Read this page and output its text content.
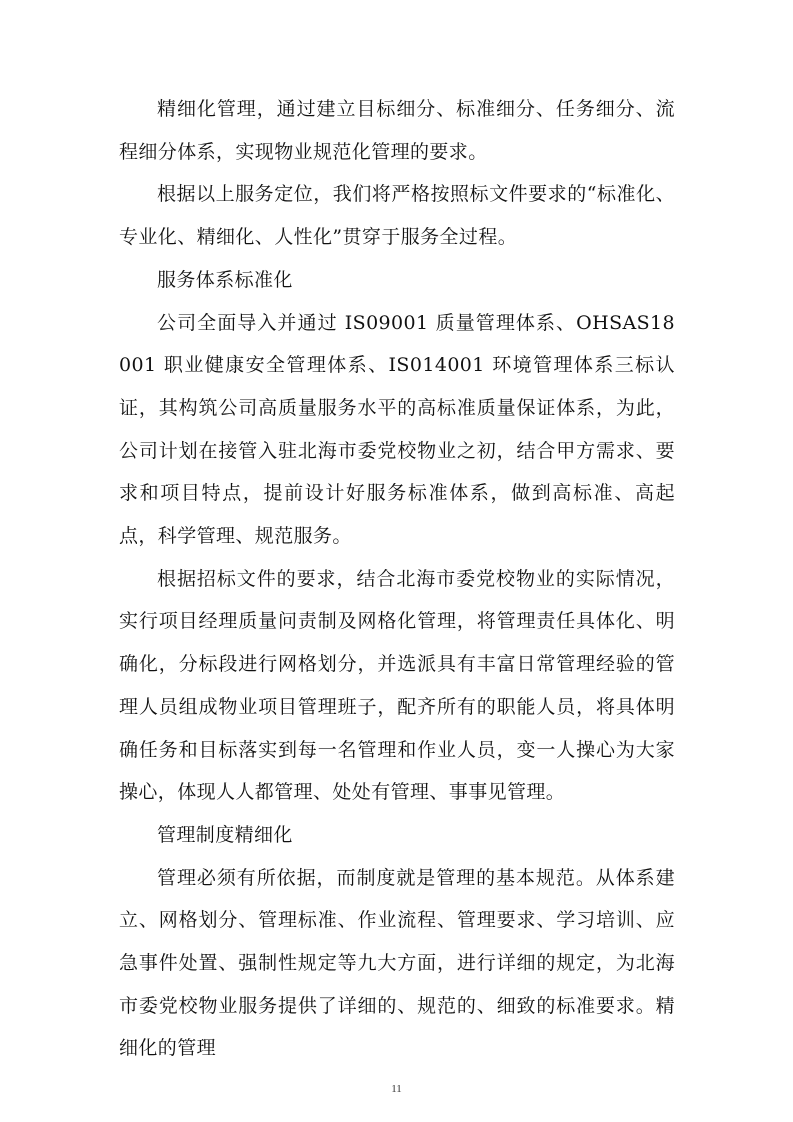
精细化管理，通过建立目标细分、标准细分、任务细分、流程细分体系，实现物业规范化管理的要求。

根据以上服务定位，我们将严格按照标文件要求的“标准化、专业化、精细化、人性化”贯穿于服务全过程。

服务体系标准化

公司全面导入并通过 IS09001 质量管理体系、OHSAS18001 职业健康安全管理体系、IS014001 环境管理体系三标认证，其构筑公司高质量服务水平的高标准质量保证体系，为此，公司计划在接管入驻北海市委党校物业之初，结合甲方需求、要求和项目特点，提前设计好服务标准体系，做到高标准、高起点，科学管理、规范服务。

根据招标文件的要求，结合北海市委党校物业的实际情况，实行项目经理质量问责制及网格化管理，将管理责任具体化、明确化，分标段进行网格划分，并选派具有丰富日常管理经验的管理人员组成物业项目管理班子，配齐所有的职能人员，将具体明确任务和目标落实到每一名管理和作业人员，变一人操心为大家操心，体现人人都管理、处处有管理、事事见管理。

管理制度精细化

管理必须有所依据，而制度就是管理的基本规范。从体系建立、网格划分、管理标准、作业流程、管理要求、学习培训、应急事件处置、强制性规定等九大方面，进行详细的规定，为北海市委党校物业服务提供了详细的、规范的、细致的标准要求。精细化的管理

11
